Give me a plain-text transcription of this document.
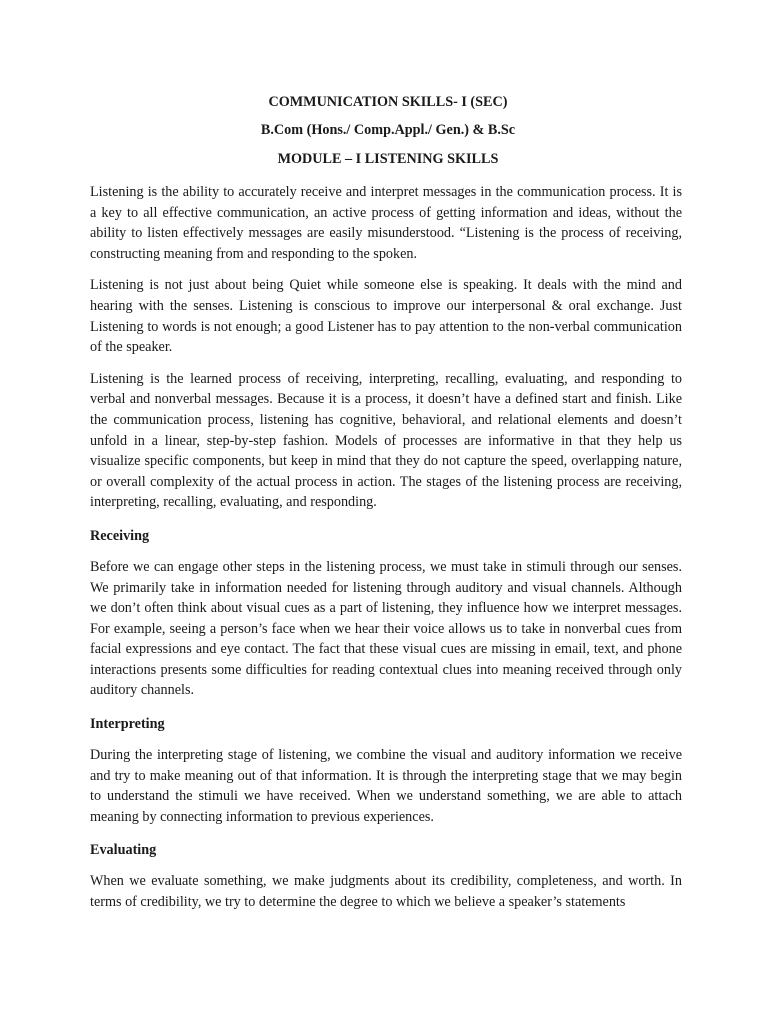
COMMUNICATION SKILLS- I (SEC)
B.Com (Hons./ Comp.Appl./ Gen.) & B.Sc
MODULE – I LISTENING SKILLS

Listening is the ability to accurately receive and interpret messages in the communication process. It is a key to all effective communication, an active process of getting information and ideas, without the ability to listen effectively messages are easily misunderstood. “Listening is the process of receiving, constructing meaning from and responding to the spoken.

Listening is not just about being Quiet while someone else is speaking. It deals with the mind and hearing with the senses. Listening is conscious to improve our interpersonal & oral exchange. Just Listening to words is not enough; a good Listener has to pay attention to the non-verbal communication of the speaker.

Listening is the learned process of receiving, interpreting, recalling, evaluating, and responding to verbal and nonverbal messages. Because it is a process, it doesn’t have a defined start and finish. Like the communication process, listening has cognitive, behavioral, and relational elements and doesn’t unfold in a linear, step-by-step fashion. Models of processes are informative in that they help us visualize specific components, but keep in mind that they do not capture the speed, overlapping nature, or overall complexity of the actual process in action. The stages of the listening process are receiving, interpreting, recalling, evaluating, and responding.

Receiving

Before we can engage other steps in the listening process, we must take in stimuli through our senses. We primarily take in information needed for listening through auditory and visual channels. Although we don’t often think about visual cues as a part of listening, they influence how we interpret messages. For example, seeing a person’s face when we hear their voice allows us to take in nonverbal cues from facial expressions and eye contact. The fact that these visual cues are missing in email, text, and phone interactions presents some difficulties for reading contextual clues into meaning received through only auditory channels.

Interpreting

During the interpreting stage of listening, we combine the visual and auditory information we receive and try to make meaning out of that information. It is through the interpreting stage that we may begin to understand the stimuli we have received. When we understand something, we are able to attach meaning by connecting information to previous experiences.

Evaluating

When we evaluate something, we make judgments about its credibility, completeness, and worth. In terms of credibility, we try to determine the degree to which we believe a speaker’s statements
